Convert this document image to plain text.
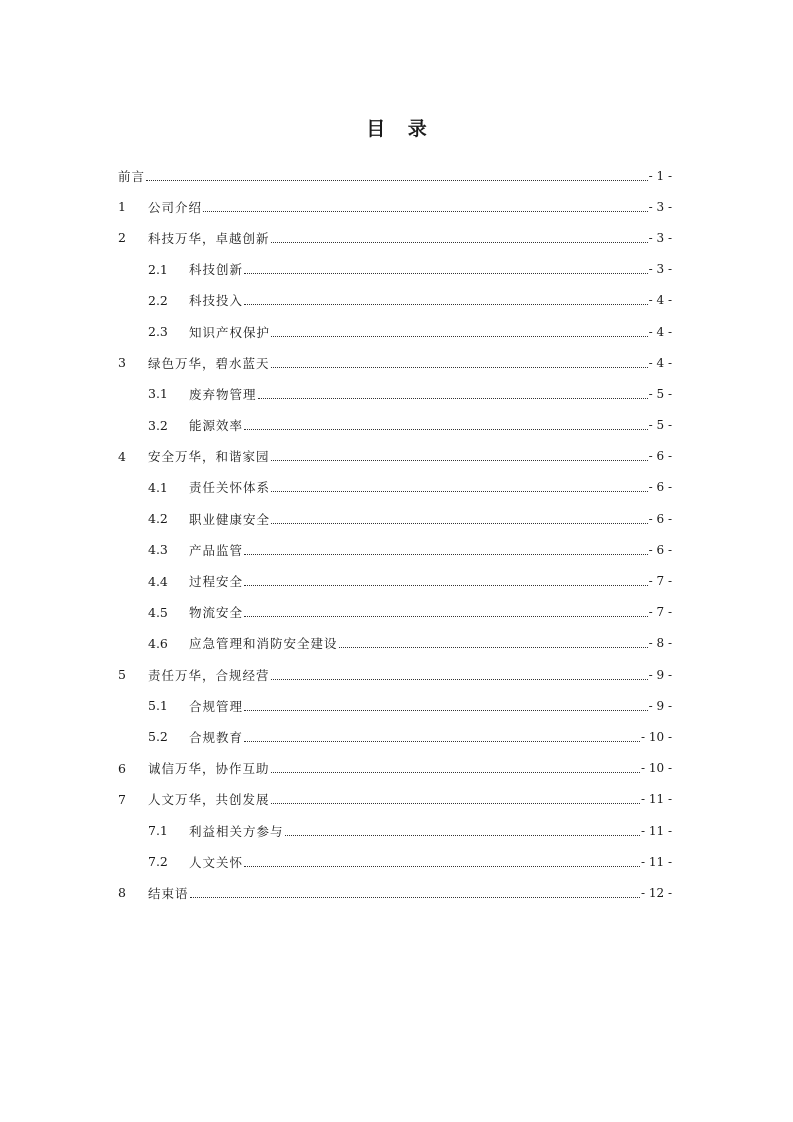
目 录
前言	- 1 -
1	公司介绍	- 3 -
2	科技万华，卓越创新	- 3 -
2.1	科技创新	- 3 -
2.2	科技投入	- 4 -
2.3	知识产权保护	- 4 -
3	绿色万华，碧水蓝天	- 4 -
3.1	废弃物管理	- 5 -
3.2	能源效率	- 5 -
4	安全万华，和谐家园	- 6 -
4.1	责任关怀体系	- 6 -
4.2	职业健康安全	- 6 -
4.3	产品监管	- 6 -
4.4	过程安全	- 7 -
4.5	物流安全	- 7 -
4.6	应急管理和消防安全建设	- 8 -
5	责任万华，合规经营	- 9 -
5.1	合规管理	- 9 -
5.2	合规教育	- 10 -
6	诚信万华，协作互助	- 10 -
7	人文万华，共创发展	- 11 -
7.1	利益相关方参与	- 11 -
7.2	人文关怀	- 11 -
8	结束语	- 12 -
